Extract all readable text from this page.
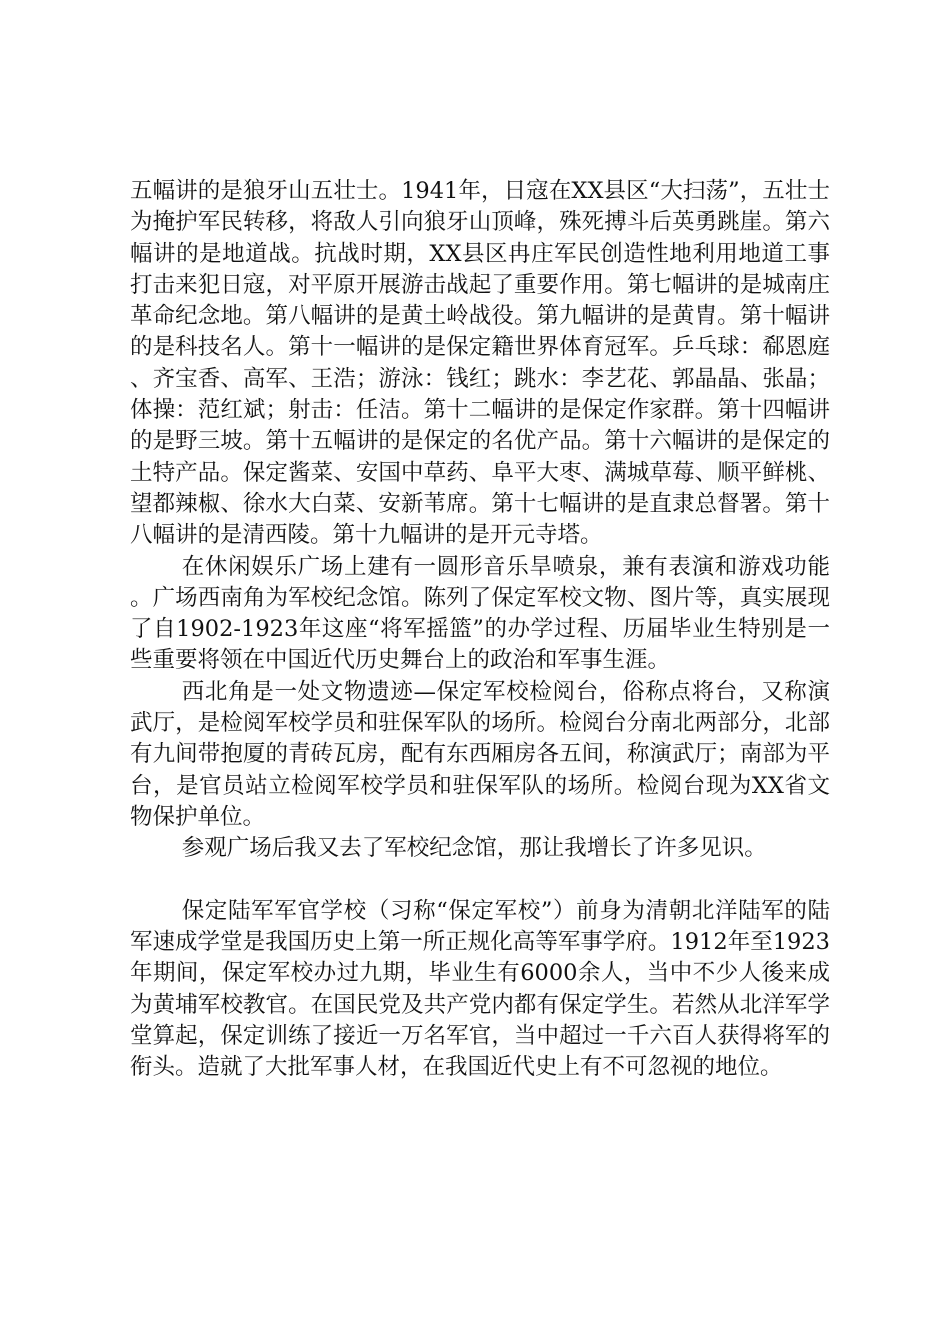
五幅讲的是狼牙山五壮士。1941年，日寇在XX县区“大扫荡”，五壮士为掩护军民转移，将敌人引向狼牙山顶峰，殊死搏斗后英勇跳崖。第六幅讲的是地道战。抗战时期，XX县区冉庄军民创造性地利用地道工事打击来犯日寇，对平原开展游击战起了重要作用。第七幅讲的是城南庄革命纪念地。第八幅讲的是黄土岭战役。第九幅讲的是黄胄。第十幅讲的是科技名人。第十一幅讲的是保定籍世界体育冠军。乒乓球：郗恩庭、齐宝香、高军、王浩；游泳：钱红；跳水：李艺花、郭晶晶、张晶；体操：范红斌；射击：任洁。第十二幅讲的是保定作家群。第十四幅讲的是野三坡。第十五幅讲的是保定的名优产品。第十六幅讲的是保定的土特产品。保定酱菜、安国中草药、阜平大枣、满城草莓、顺平鲜桃、望都辣椒、徐水大白菜、安新苇席。第十七幅讲的是直隶总督署。第十八幅讲的是清西陵。第十九幅讲的是开元寺塔。

在休闲娱乐广场上建有一圆形音乐旱喷泉，兼有表演和游戏功能。广场西南角为军校纪念馆。陈列了保定军校文物、图片等，真实展现了自1902-1923年这座“将军摇篮”的办学过程、历届毕业生特别是一些重要将领在中国近代历史舞台上的政治和军事生涯。

西北角是一处文物遗迹—保定军校检阅台，俗称点将台，又称演武厅，是检阅军校学员和驻保军队的场所。检阅台分南北两部分，北部有九间带抱厦的青砖瓦房，配有东西厢房各五间，称演武厅；南部为平台，是官员站立检阅军校学员和驻保军队的场所。检阅台现为XX省文物保护单位。

参观广场后我又去了军校纪念馆，那让我增长了许多见识。

保定陆军军官学校（习称“保定军校”）前身为清朝北洋陆军的陆军速成学堂是我国历史上第一所正规化高等军事学府。1912年至1923年期间，保定军校办过九期，毕业生有6000余人，当中不少人後来成为黄埔军校教官。在国民党及共产党内都有保定学生。若然从北洋军学堂算起，保定训练了接近一万名军官，当中超过一千六百人获得将军的衔头。造就了大批军事人材，在我国近代史上有不可忽视的地位。
